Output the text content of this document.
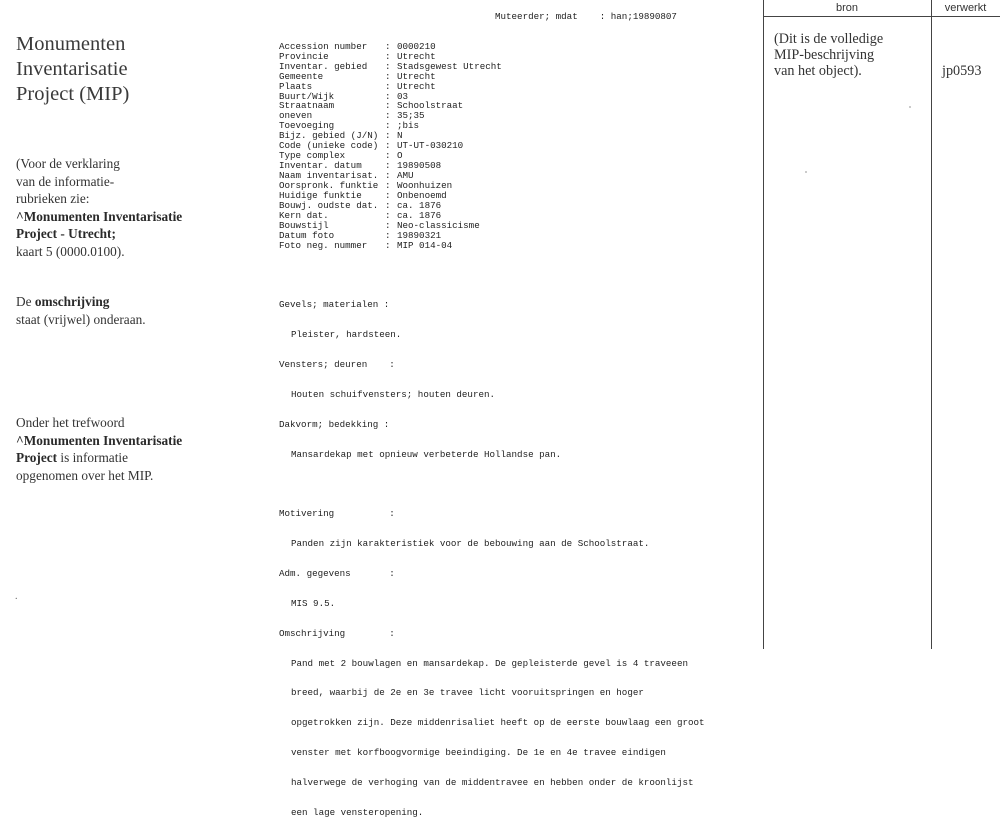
Monumenten
Inventarisatie
Project (MIP)
(Voor de verklaring
van de informatie-
rubrieken zie:
^Monumenten Inventarisatie
Project - Utrecht;
kaart 5 (0000.0100).
De omschrijving
staat (vrijwel) onderaan.
Onder het trefwoord
^Monumenten Inventarisatie
Project is informatie
opgenomen over het MIP.
.

Muteerder; mdat    : han;19890807

Accession number	: 0000210
Provincie	: Utrecht
Inventar. gebied	: Stadsgewest Utrecht
Gemeente	: Utrecht
Plaats	: Utrecht
Buurt/Wijk	: 03
Straatnaam	: Schoolstraat
oneven	: 35;35
Toevoeging	: ;bis
Bijz. gebied (J/N) : N
Code (unieke code) : UT-UT-030210
Type complex	: O
Inventar. datum	: 19890508
Naam inventarisat. : AMU
Oorspronk. funktie : Woonhuizen
Huidige funktie	: Onbenoemd
Bouwj. oudste dat. : ca. 1876
Kern dat.	: ca. 1876
Bouwstijl	: Neo-classicisme
Datum foto	: 19890321
Foto neg. nummer	: MIP 014-04

Gevels; materialen :

Pleister, hardsteen.

Vensters; deuren    :

Houten schuifvensters; houten deuren.

Dakvorm; bedekking :

Mansardekap met opnieuw verbeterde Hollandse pan.

Motivering          :

Panden zijn karakteristiek voor de bebouwing aan de Schoolstraat.

Adm. gegevens       :

MIS 9.5.

Omschrijving        :

Pand met 2 bouwlagen en mansardekap. De gepleisterde gevel is 4 traveeen

breed, waarbij de 2e en 3e travee licht vooruitspringen en hoger

opgetrokken zijn. Deze middenrisaliet heeft op de eerste bouwlaag een groot

venster met korfboogvormige beeindiging. De 1e en 4e travee eindigen

halverwege de verhoging van de middentravee en hebben onder de kroonlijst

een lage vensteropening.

bron	verwerkt
(Dit is de volledige
MIP-beschrijving
van het object).	jp0593
